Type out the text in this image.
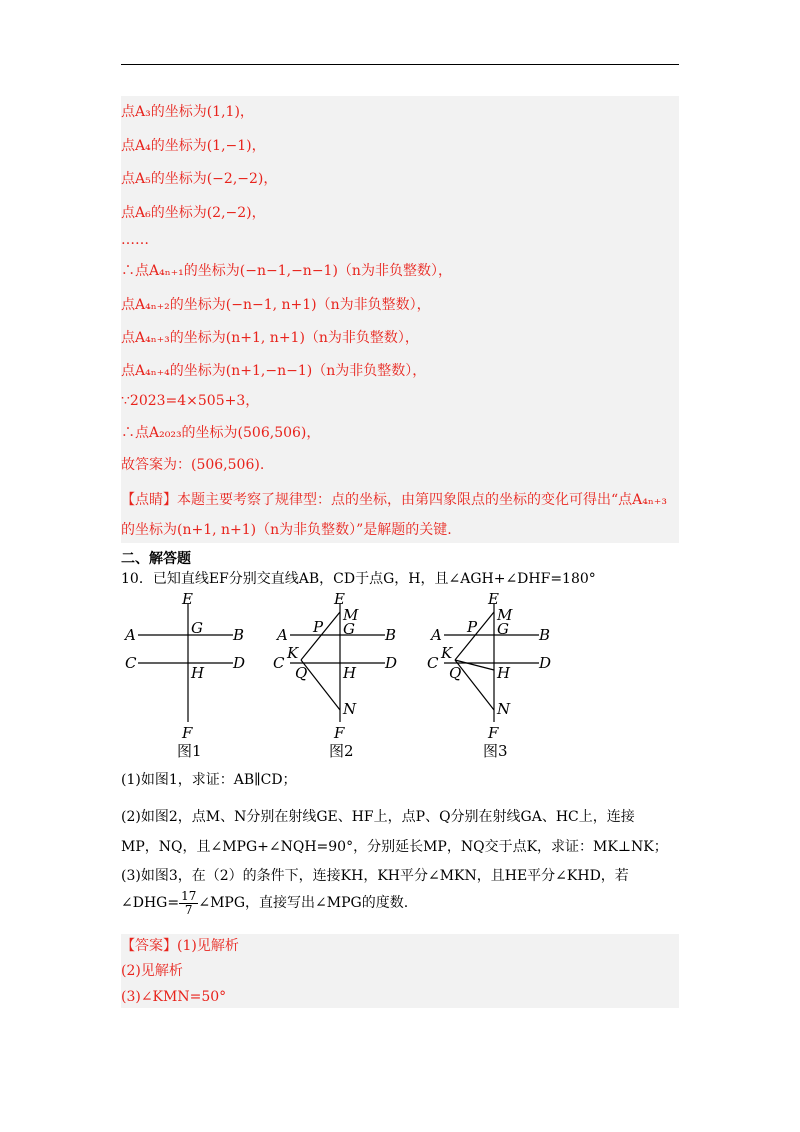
点A₃的坐标为(1,1)，
点A₄的坐标为(1,−1)，
点A₅的坐标为(−2,−2)，
点A₆的坐标为(2,−2)，
……
∴点A₄ₙ₊₁的坐标为(−n−1,−n−1)（n为非负整数），
点A₄ₙ₊₂的坐标为(−n−1, n+1)（n为非负整数），
点A₄ₙ₊₃的坐标为(n+1, n+1)（n为非负整数），
点A₄ₙ₊₄的坐标为(n+1,−n−1)（n为非负整数），
∵2023=4×505+3，
∴点A₂₀₂₃的坐标为(506,506)，
故答案为：(506,506).
【点睛】本题主要考察了规律型：点的坐标，由第四象限点的坐标的变化可得出“点A₄ₙ₊₃
的坐标为(n+1, n+1)（n为非负整数）”是解题的关键.
二、解答题
10．已知直线EF分别交直线AB，CD于点G，H，且∠AGH+∠DHF=180°
E
A	G B
C
H
D
F
E
M
A P G B
C
K
Q H
D
N
F
E
M
A P G B
C
K
Q H
D
N
F
图1	图2	图3
(1)如图1，求证：AB∥CD；
(2)如图2，点M、N分别在射线GE、HF上，点P、Q分别在射线GA、HC上，连接
MP，NQ，且∠MPG+∠NQH=90°，分别延长MP，NQ交于点K，求证：MK⊥NK；
(3)如图3，在（2）的条件下，连接KH，KH平分∠MKN，且HE平分∠KHD，若
∠DHG= $\frac{17}{7}$ ∠MPG，直接写出∠MPG的度数.
【答案】(1)见解析
(2)见解析
(3)∠KMN=50°
